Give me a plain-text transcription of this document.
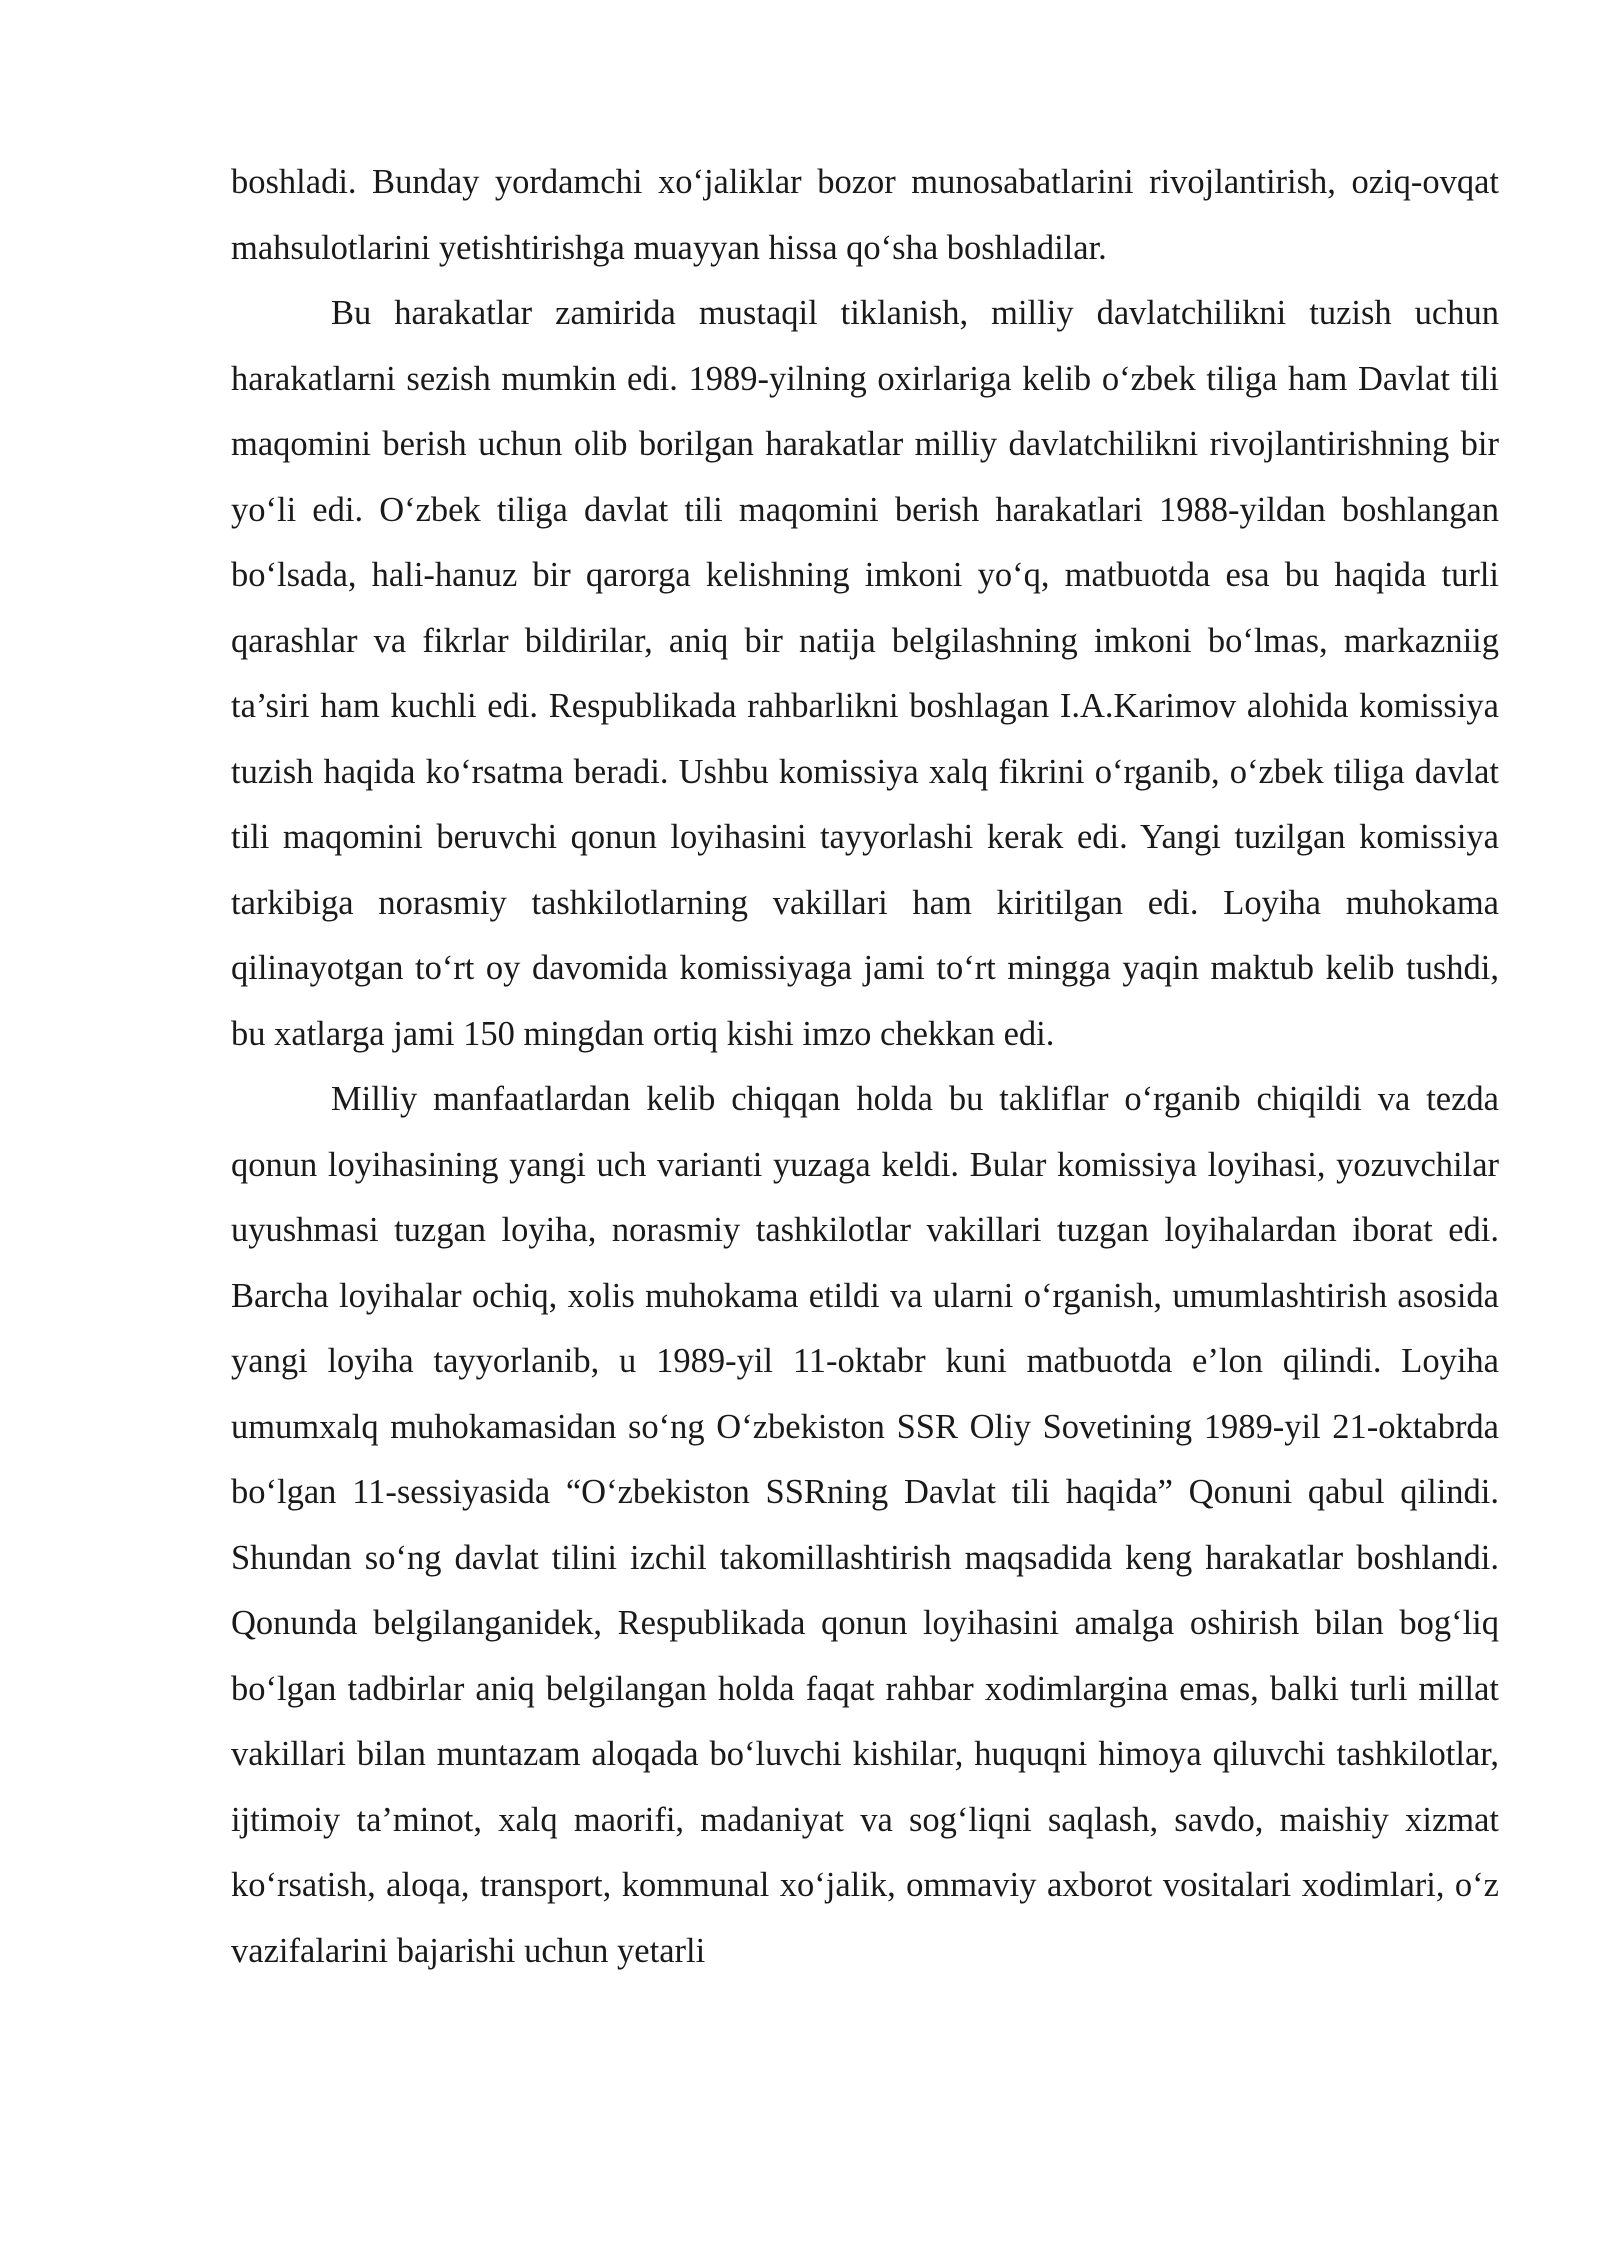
boshladi. Bunday yordamchi xo‘jaliklar bozor munosabatlarini rivojlantirish, oziq-ovqat mahsulotlarini yetishtirishga muayyan hissa qo‘sha boshladilar.

Bu harakatlar zamirida mustaqil tiklanish, milliy davlatchilikni tuzish uchun harakatlarni sezish mumkin edi. 1989-yilning oxirlariga kelib o‘zbek tiliga ham Davlat tili maqomini berish uchun olib borilgan harakatlar milliy davlatchilikni rivojlantirishning bir yo‘li edi. O‘zbek tiliga davlat tili maqomini berish harakatlari 1988-yildan boshlangan bo‘lsada, hali-hanuz bir qarorga kelishning imkoni yo‘q, matbuotda esa bu haqida turli qarashlar va fikrlar bildirilar, aniq bir natija belgilashning imkoni bo‘lmas, markazniig ta’siri ham kuchli edi. Respublikada rahbarlikni boshlagan I.A.Karimov alohida komissiya tuzish haqida ko‘rsatma beradi. Ushbu komissiya xalq fikrini o‘rganib, o‘zbek tiliga davlat tili maqomini beruvchi qonun loyihasini tayyorlashi kerak edi. Yangi tuzilgan komissiya tarkibiga norasmiy tashkilotlarning vakillari ham kiritilgan edi. Loyiha muhokama qilinayotgan to‘rt oy davomida komissiyaga jami to‘rt mingga yaqin maktub kelib tushdi, bu xatlarga jami 150 mingdan ortiq kishi imzo chekkan edi.

Milliy manfaatlardan kelib chiqqan holda bu takliflar o‘rganib chiqildi va tezda qonun loyihasining yangi uch varianti yuzaga keldi. Bular komissiya loyihasi, yozuvchilar uyushmasi tuzgan loyiha, norasmiy tashkilotlar vakillari tuzgan loyihalardan iborat edi. Barcha loyihalar ochiq, xolis muhokama etildi va ularni o‘rganish, umumlashtirish asosida yangi loyiha tayyorlanib, u 1989-yil 11-oktabr kuni matbuotda e’lon qilindi. Loyiha umumxalq muhokamasidan so‘ng O‘zbekiston SSR Oliy Sovetining 1989-yil 21-oktabrda bo‘lgan 11-sessiyasida “O‘zbekiston SSRning Davlat tili haqida” Qonuni qabul qilindi. Shundan so‘ng davlat tilini izchil takomillashtirish maqsadida keng harakatlar boshlandi. Qonunda belgilanganidek, Respublikada qonun loyihasini amalga oshirish bilan bog‘liq bo‘lgan tadbirlar aniq belgilangan holda faqat rahbar xodimlargina emas, balki turli millat vakillari bilan muntazam aloqada bo‘luvchi kishilar, huquqni himoya qiluvchi tashkilotlar, ijtimoiy ta’minot, xalq maorifi, madaniyat va sog‘liqni saqlash, savdo, maishiy xizmat ko‘rsatish, aloqa, transport, kommunal xo‘jalik, ommaviy axborot vositalari xodimlari, o‘z vazifalarini bajarishi uchun yetarli
